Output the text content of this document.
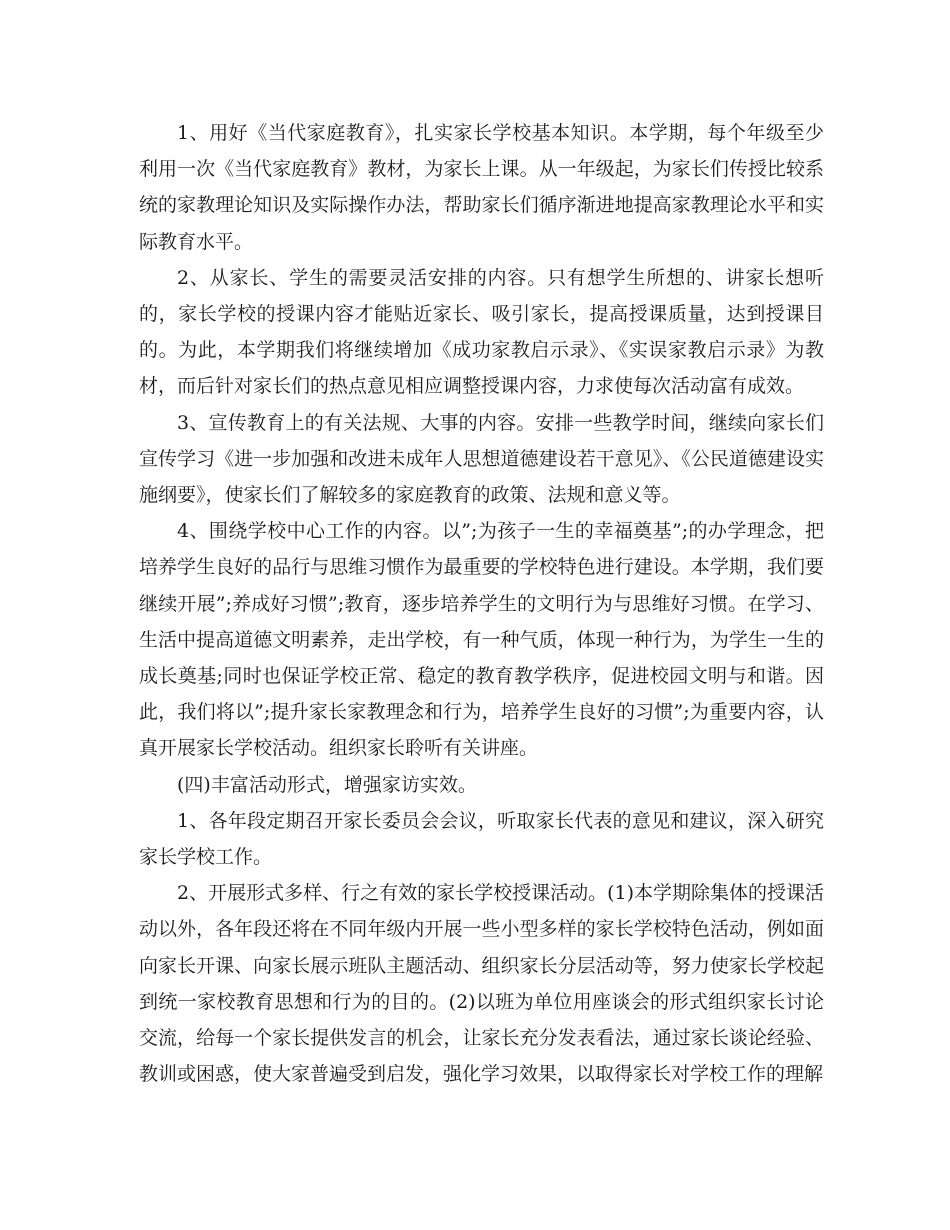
1、用好《当代家庭教育》，扎实家长学校基本知识。本学期，每个年级至少利用一次《当代家庭教育》教材，为家长上课。从一年级起，为家长们传授比较系统的家教理论知识及实际操作办法，帮助家长们循序渐进地提高家教理论水平和实际教育水平。

2、从家长、学生的需要灵活安排的内容。只有想学生所想的、讲家长想听的，家长学校的授课内容才能贴近家长、吸引家长，提高授课质量，达到授课目的。为此，本学期我们将继续增加《成功家教启示录》、《实误家教启示录》为教材，而后针对家长们的热点意见相应调整授课内容，力求使每次活动富有成效。

3、宣传教育上的有关法规、大事的内容。安排一些教学时间，继续向家长们宣传学习《进一步加强和改进未成年人思想道德建设若干意见》、《公民道德建设实施纲要》，使家长们了解较多的家庭教育的政策、法规和意义等。

4、围绕学校中心工作的内容。以”;为孩子一生的幸福奠基”;的办学理念，把培养学生良好的品行与思维习惯作为最重要的学校特色进行建设。本学期，我们要继续开展”;养成好习惯”;教育，逐步培养学生的文明行为与思维好习惯。在学习、生活中提高道德文明素养，走出学校，有一种气质，体现一种行为，为学生一生的成长奠基;同时也保证学校正常、稳定的教育教学秩序，促进校园文明与和谐。因此，我们将以”;提升家长家教理念和行为，培养学生良好的习惯”;为重要内容，认真开展家长学校活动。组织家长聆听有关讲座。

(四)丰富活动形式，增强家访实效。

1、各年段定期召开家长委员会会议，听取家长代表的意见和建议，深入研究家长学校工作。

2、开展形式多样、行之有效的家长学校授课活动。(1)本学期除集体的授课活动以外，各年段还将在不同年级内开展一些小型多样的家长学校特色活动，例如面向家长开课、向家长展示班队主题活动、组织家长分层活动等，努力使家长学校起到统一家校教育思想和行为的目的。(2)以班为单位用座谈会的形式组织家长讨论交流，给每一个家长提供发言的机会，让家长充分发表看法，通过家长谈论经验、教训或困惑，使大家普遍受到启发，强化学习效果，以取得家长对学校工作的理解
